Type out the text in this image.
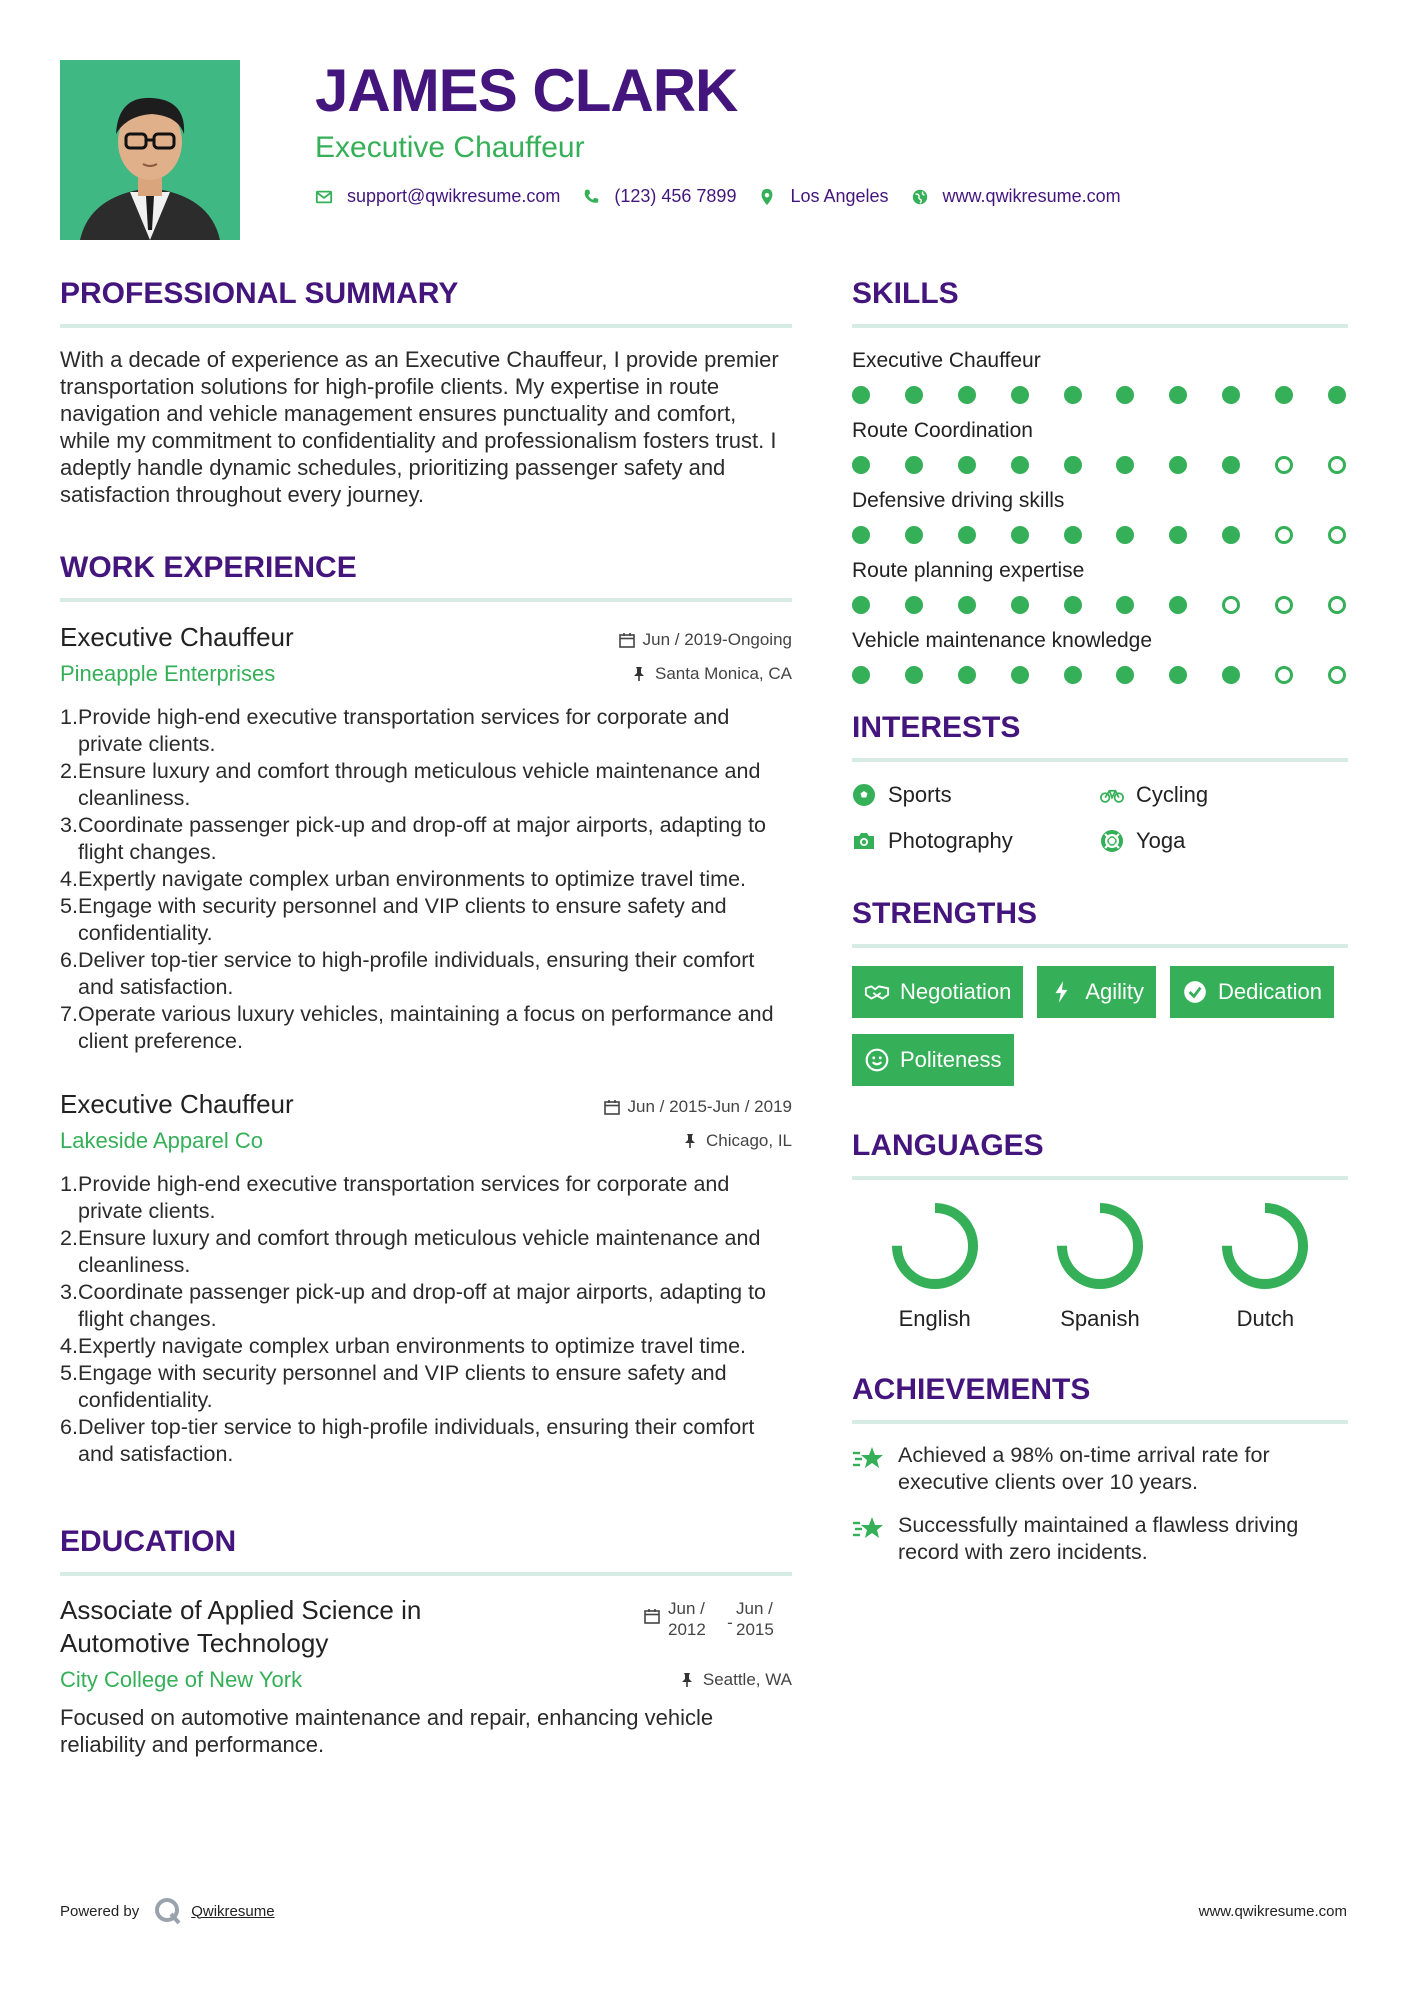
JAMES CLARK
Executive Chauffeur
support@qwikresume.com	(123) 456 7899	Los Angeles	www.qwikresume.com
PROFESSIONAL SUMMARY
With a decade of experience as an Executive Chauffeur, I provide premier transportation solutions for high-profile clients. My expertise in route navigation and vehicle management ensures punctuality and comfort, while my commitment to confidentiality and professionalism fosters trust. I adeptly handle dynamic schedules, prioritizing passenger safety and satisfaction throughout every journey.
WORK EXPERIENCE
Executive Chauffeur	Jun / 2019-Ongoing
Pineapple Enterprises	Santa Monica, CA
1. Provide high-end executive transportation services for corporate and private clients.
2. Ensure luxury and comfort through meticulous vehicle maintenance and cleanliness.
3. Coordinate passenger pick-up and drop-off at major airports, adapting to flight changes.
4. Expertly navigate complex urban environments to optimize travel time.
5. Engage with security personnel and VIP clients to ensure safety and confidentiality.
6. Deliver top-tier service to high-profile individuals, ensuring their comfort and satisfaction.
7. Operate various luxury vehicles, maintaining a focus on performance and client preference.
Executive Chauffeur	Jun / 2015-Jun / 2019
Lakeside Apparel Co	Chicago, IL
1. Provide high-end executive transportation services for corporate and private clients.
2. Ensure luxury and comfort through meticulous vehicle maintenance and cleanliness.
3. Coordinate passenger pick-up and drop-off at major airports, adapting to flight changes.
4. Expertly navigate complex urban environments to optimize travel time.
5. Engage with security personnel and VIP clients to ensure safety and confidentiality.
6. Deliver top-tier service to high-profile individuals, ensuring their comfort and satisfaction.
EDUCATION
Associate of Applied Science in Automotive Technology
Jun / 2012	-
Jun / 2015
City College of New York	Seattle, WA
Focused on automotive maintenance and repair, enhancing vehicle reliability and performance.
SKILLS
Executive Chauffeur
Route Coordination
Defensive driving skills
Route planning expertise
Vehicle maintenance knowledge
INTERESTS
Sports	Cycling
Photography	Yoga
STRENGTHS
Negotiation	Agility	Dedication
Politeness
LANGUAGES
English	Spanish	Dutch
ACHIEVEMENTS
Achieved a 98% on-time arrival rate for executive clients over 10 years.
Successfully maintained a flawless driving record with zero incidents.
Powered by	Qwikresume	www.qwikresume.com
